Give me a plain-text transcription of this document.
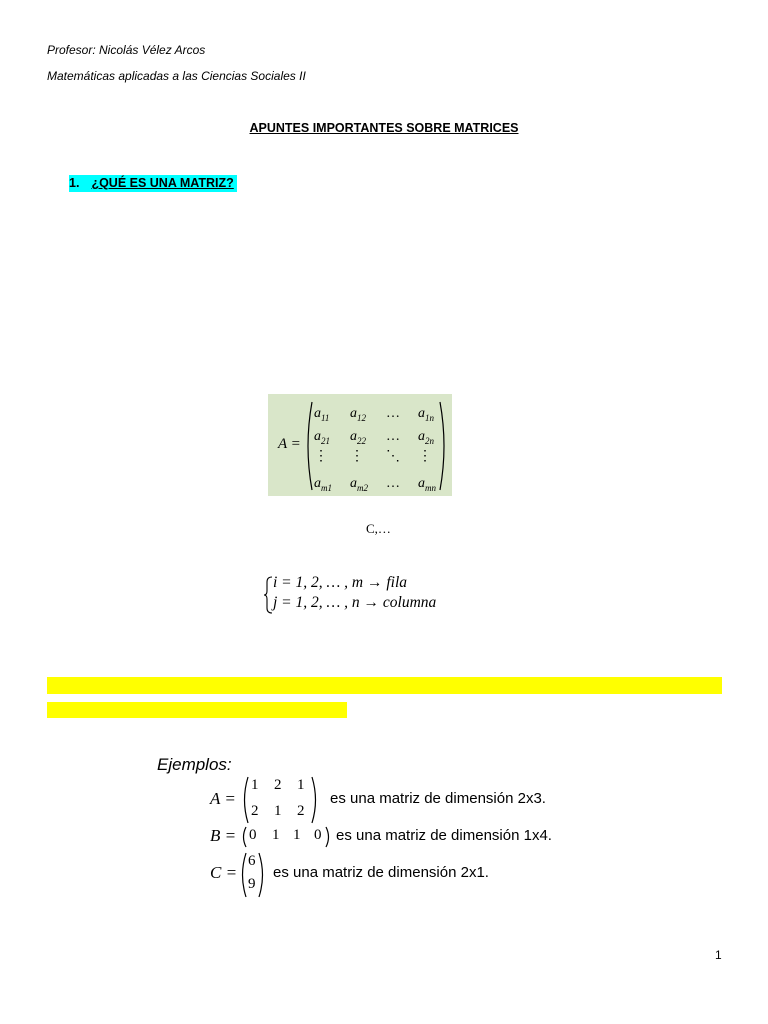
Profesor: Nicolás Vélez Arcos
Matemáticas aplicadas a las Ciencias Sociales II
APUNTES IMPORTANTES SOBRE MATRICES
1. ¿QUÉ ES UNA MATRIZ?
A =
$a_{11}$ $a_{12}$ … $a_{1n}$
$a_{21}$ $a_{22}$ … $a_{2n}$
⋮ ⋮ ⋱ ⋮
$a_{m1}$ $a_{m2}$ … $a_{mn}$
C,…
i = 1, 2, … , m → fila
j = 1, 2, … , n → columna
Ejemplos:
A =
1 2 1
2 1 2
es una matriz de dimensión 2x3.
B = 0 1 1 0 es una matriz de dimensión 1x4.
C =
6
9
es una matriz de dimensión 2x1.
1
